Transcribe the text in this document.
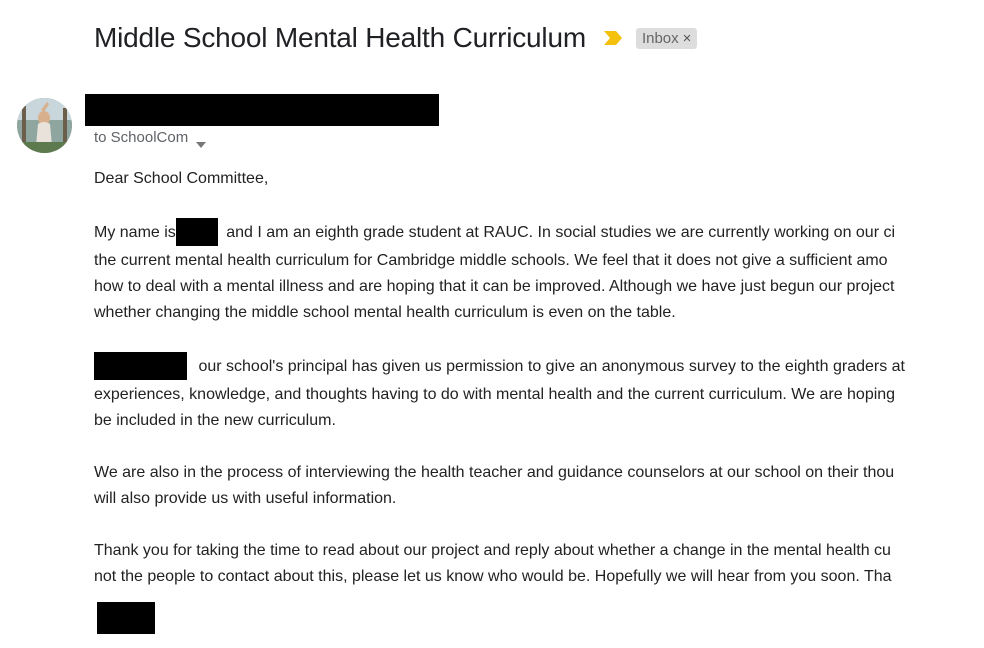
Middle School Mental Health Curriculum	Inbox ×
to SchoolCom

Dear School Committee,

My name is	and I am an eighth grade student at RAUC. In social studies we are currently working on our ci
the current mental health curriculum for Cambridge middle schools. We feel that it does not give a sufficient amo
how to deal with a mental illness and are hoping that it can be improved. Although we have just begun our project
whether changing the middle school mental health curriculum is even on the table.

our school's principal has given us permission to give an anonymous survey to the eighth graders at
experiences, knowledge, and thoughts having to do with mental health and the current curriculum. We are hoping
be included in the new curriculum.

We are also in the process of interviewing the health teacher and guidance counselors at our school on their thou
will also provide us with useful information.

Thank you for taking the time to read about our project and reply about whether a change in the mental health cu
not the people to contact about this, please let us know who would be. Hopefully we will hear from you soon. Tha
